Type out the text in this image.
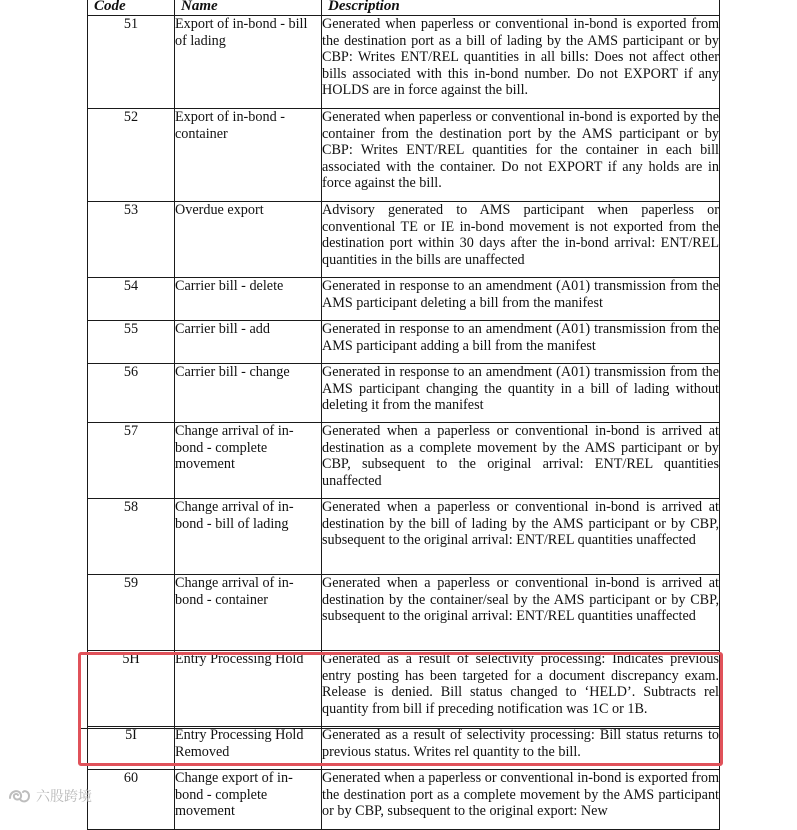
Code	Name	Description
51	Export of in-bond - bill of lading	Generated when paperless or conventional in-bond is exported from the destination port as a bill of lading by the AMS participant or by CBP: Writes ENT/REL quantities in all bills: Does not affect other bills associated with this in-bond number. Do not EXPORT if any HOLDS are in force against the bill.
52	Export of in-bond - container	Generated when paperless or conventional in-bond is exported by the container from the destination port by the AMS participant or by CBP: Writes ENT/REL quantities for the container in each bill associated with the container. Do not EXPORT if any holds are in force against the bill.
53	Overdue export	Advisory generated to AMS participant when paperless or conventional TE or IE in-bond movement is not exported from the destination port within 30 days after the in-bond arrival: ENT/REL quantities in the bills are unaffected
54	Carrier bill - delete	Generated in response to an amendment (A01) transmission from the AMS participant deleting a bill from the manifest
55	Carrier bill - add	Generated in response to an amendment (A01) transmission from the AMS participant adding a bill from the manifest
56	Carrier bill - change	Generated in response to an amendment (A01) transmission from the AMS participant changing the quantity in a bill of lading without deleting it from the manifest
57	Change arrival of in-bond - complete movement	Generated when a paperless or conventional in-bond is arrived at destination as a complete movement by the AMS participant or by CBP, subsequent to the original arrival: ENT/REL quantities unaffected
58	Change arrival of in-bond - bill of lading	Generated when a paperless or conventional in-bond is arrived at destination by the bill of lading by the AMS participant or by CBP, subsequent to the original arrival: ENT/REL quantities unaffected
59	Change arrival of in-bond - container	Generated when a paperless or conventional in-bond is arrived at destination by the container/seal by the AMS participant or by CBP, subsequent to the original arrival: ENT/REL quantities unaffected
5H	Entry Processing Hold	Generated as a result of selectivity processing: Indicates previous entry posting has been targeted for a document discrepancy exam. Release is denied. Bill status changed to ‘HELD’. Subtracts rel quantity from bill if preceding notification was 1C or 1B.
5I	Entry Processing Hold Removed	Generated as a result of selectivity processing: Bill status returns to previous status. Writes rel quantity to the bill.
60	Change export of in-bond - complete movement	Generated when a paperless or conventional in-bond is exported from the destination port as a complete movement by the AMS participant or by CBP, subsequent to the original export: New
六股跨境
